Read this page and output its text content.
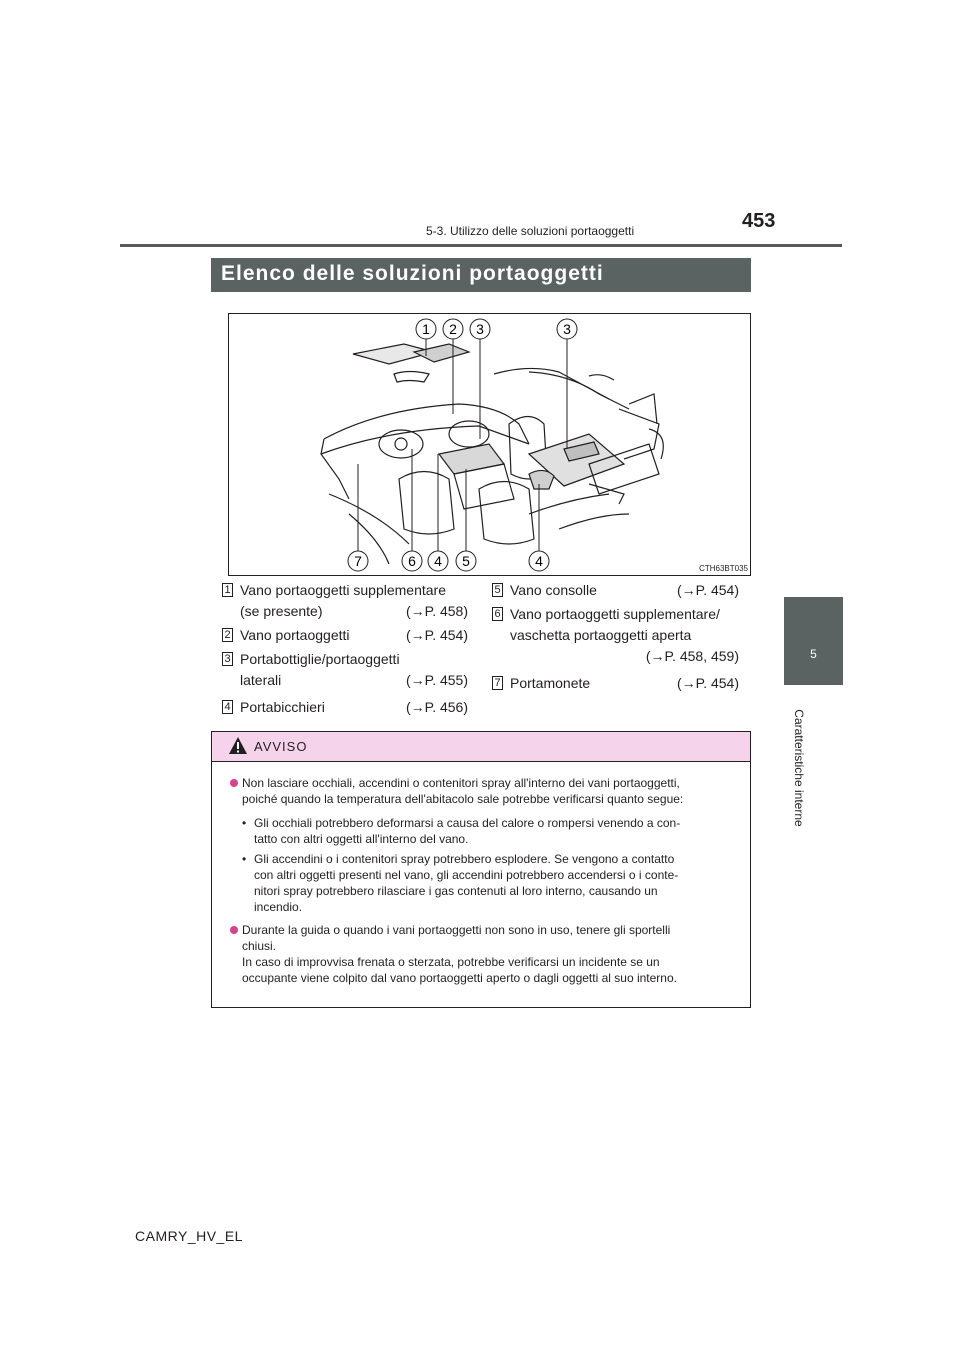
453
5-3. Utilizzo delle soluzioni portaoggetti
5
Caratteristiche interne
Elenco delle soluzioni portaoggetti
1 2 3	3
7	6 4 5	4	CTH63BT035
1 Vano portaoggetti supplementare
(se presente)	(→P. 458)
2 Vano portaoggetti	(→P. 454)
3 Portabottiglie/portaoggetti
laterali	(→P. 455)
4 Portabicchieri	(→P. 456)
5 Vano consolle	(→P. 454)
6 Vano portaoggetti supplementare/
vaschetta portaoggetti aperta
(→P. 458, 459)
7 Portamonete	(→P. 454)
AVVISO
Non lasciare occhiali, accendini o contenitori spray all'interno dei vani portaoggetti,
poiché quando la temperatura dell'abitacolo sale potrebbe verificarsi quanto segue:
• Gli occhiali potrebbero deformarsi a causa del calore o rompersi venendo a con-
tatto con altri oggetti all'interno del vano.
• Gli accendini o i contenitori spray potrebbero esplodere. Se vengono a contatto
con altri oggetti presenti nel vano, gli accendini potrebbero accendersi o i conte-
nitori spray potrebbero rilasciare i gas contenuti al loro interno, causando un
incendio.
Durante la guida o quando i vani portaoggetti non sono in uso, tenere gli sportelli
chiusi.
In caso di improvvisa frenata o sterzata, potrebbe verificarsi un incidente se un
occupante viene colpito dal vano portaoggetti aperto o dagli oggetti al suo interno.
CAMRY_HV_EL
